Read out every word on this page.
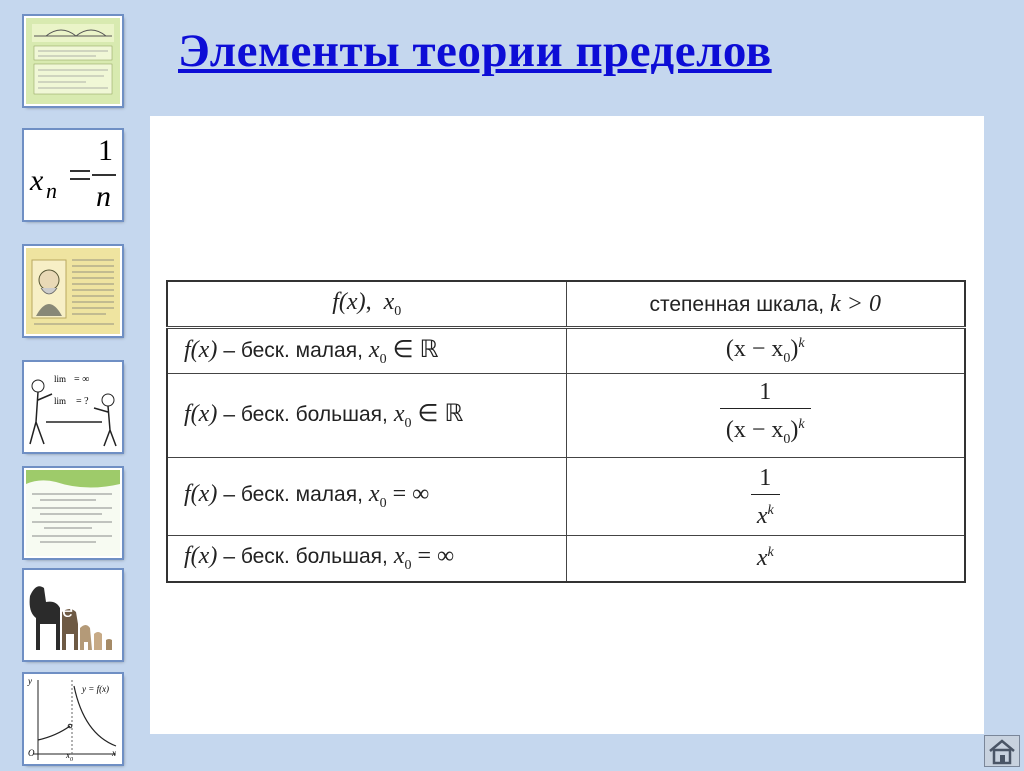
Элементы теории пределов
x n
1
n
lim = ∞
lim = ?
e
y = f(x)
y
O	$x_0$
x
f(x),  $x_0$	степенная шкала, k > 0
f(x) – беск. малая, $x_0$ ∈ ℝ	$(x - x_0)^k$
f(x) – беск. большая, $x_0$ ∈ ℝ	$\frac{1}{(x - x_0)^k}$

f(x) – беск. малая, $x_0$ = ∞	$\frac{1}{x^k}$

f(x) – беск. большая, $x_0$ = ∞	$x^k$
